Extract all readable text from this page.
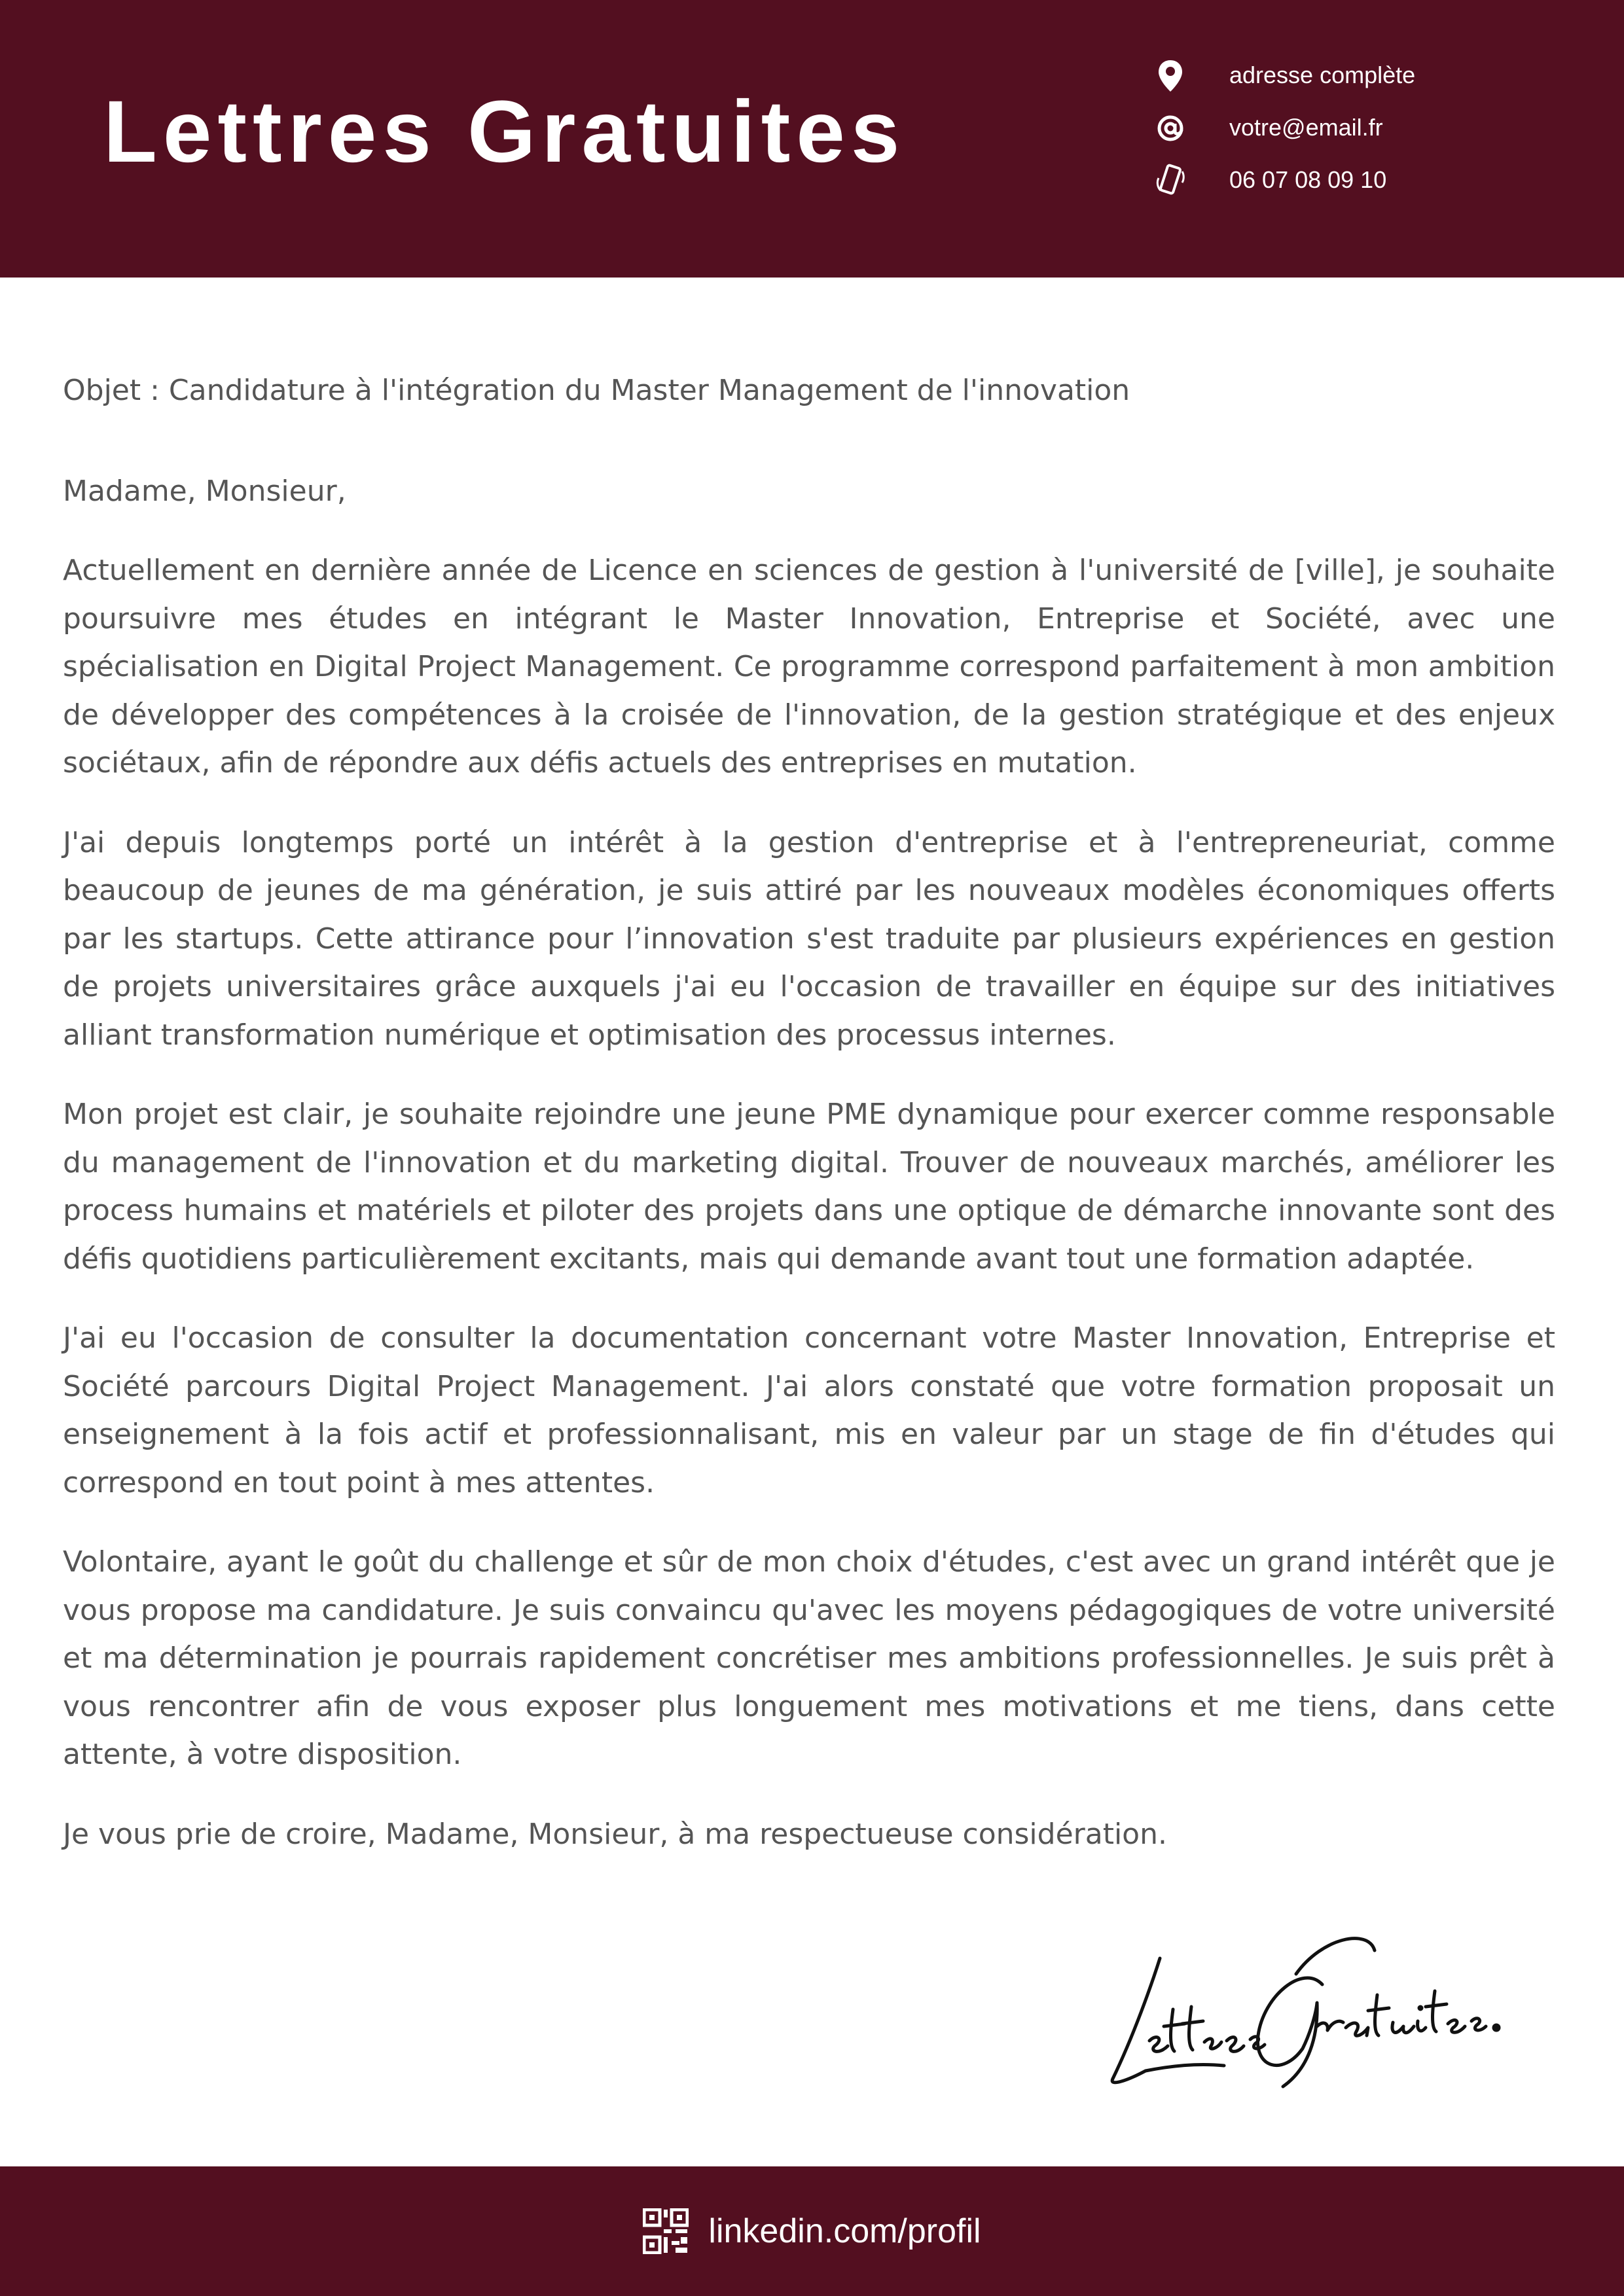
Lettres Gratuites
adresse complète
votre@email.fr
06 07 08 09 10

Objet : Candidature à l'intégration du Master Management de l'innovation

Madame, Monsieur,

Actuellement en dernière année de Licence en sciences de gestion à l'université de [ville], je souhaite poursuivre mes études en intégrant le Master Innovation, Entreprise et Société, avec une spécialisation en Digital Project Management. Ce programme correspond parfaitement à mon ambition de développer des compétences à la croisée de l'innovation, de la gestion stratégique et des enjeux sociétaux, afin de répondre aux défis actuels des entreprises en mutation.

J'ai depuis longtemps porté un intérêt à la gestion d'entreprise et à l'entrepreneuriat, comme beaucoup de jeunes de ma génération, je suis attiré par les nouveaux modèles économiques offerts par les startups. Cette attirance pour l’innovation s'est traduite par plusieurs expériences en gestion de projets universitaires grâce auxquels j'ai eu l'occasion de travailler en équipe sur des initiatives alliant transformation numérique et optimisation des processus internes.

Mon projet est clair, je souhaite rejoindre une jeune PME dynamique pour exercer comme responsable du management de l'innovation et du marketing digital. Trouver de nouveaux marchés, améliorer les process humains et matériels et piloter des projets dans une optique de démarche innovante sont des défis quotidiens particulièrement excitants, mais qui demande avant tout une formation adaptée.

J'ai eu l'occasion de consulter la documentation concernant votre Master Innovation, Entreprise et Société parcours Digital Project Management. J'ai alors constaté que votre formation proposait un enseignement à la fois actif et professionnalisant, mis en valeur par un stage de fin d'études qui correspond en tout point à mes attentes.

Volontaire, ayant le goût du challenge et sûr de mon choix d'études, c'est avec un grand intérêt que je vous propose ma candidature. Je suis convaincu qu'avec les moyens pédagogiques de votre université et ma détermination je pourrais rapidement concrétiser mes ambitions professionnelles. Je suis prêt à vous rencontrer afin de vous exposer plus longuement mes motivations et me tiens, dans cette attente, à votre disposition.

Je vous prie de croire, Madame, Monsieur, à ma respectueuse considération.

linkedin.com/profil
